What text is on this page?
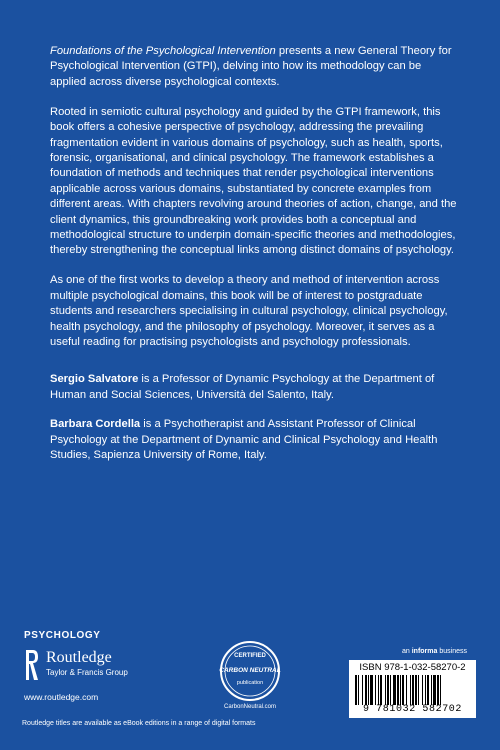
Foundations of the Psychological Intervention presents a new General Theory for Psychological Intervention (GTPI), delving into how its methodology can be applied across diverse psychological contexts.

Rooted in semiotic cultural psychology and guided by the GTPI framework, this book offers a cohesive perspective of psychology, addressing the prevailing fragmentation evident in various domains of psychology, such as health, sports, forensic, organisational, and clinical psychology. The framework establishes a foundation of methods and techniques that render psychological interventions applicable across various domains, substantiated by concrete examples from different areas. With chapters revolving around theories of action, change, and the client dynamics, this groundbreaking work provides both a conceptual and methodological structure to underpin domain-specific theories and methodologies, thereby strengthening the conceptual links among distinct domains of psychology.

As one of the first works to develop a theory and method of intervention across multiple psychological domains, this book will be of interest to postgraduate students and researchers specialising in cultural psychology, clinical psychology, health psychology, and the philosophy of psychology. Moreover, it serves as a useful reading for practising psychologists and psychology professionals.

Sergio Salvatore is a Professor of Dynamic Psychology at the Department of Human and Social Sciences, Università del Salento, Italy.

Barbara Cordella is a Psychotherapist and Assistant Professor of Clinical Psychology at the Department of Dynamic and Clinical Psychology and Health Studies, Sapienza University of Rome, Italy.

PSYCHOLOGY
Routledge
Taylor & Francis Group
www.routledge.com
Routledge titles are available as eBook editions in a range of digital formats
CERTIFIED
CARBON NEUTRAL
publication
CarbonNeutral.com
an informa business
ISBN 978-1-032-58270-2
9 781032 582702
